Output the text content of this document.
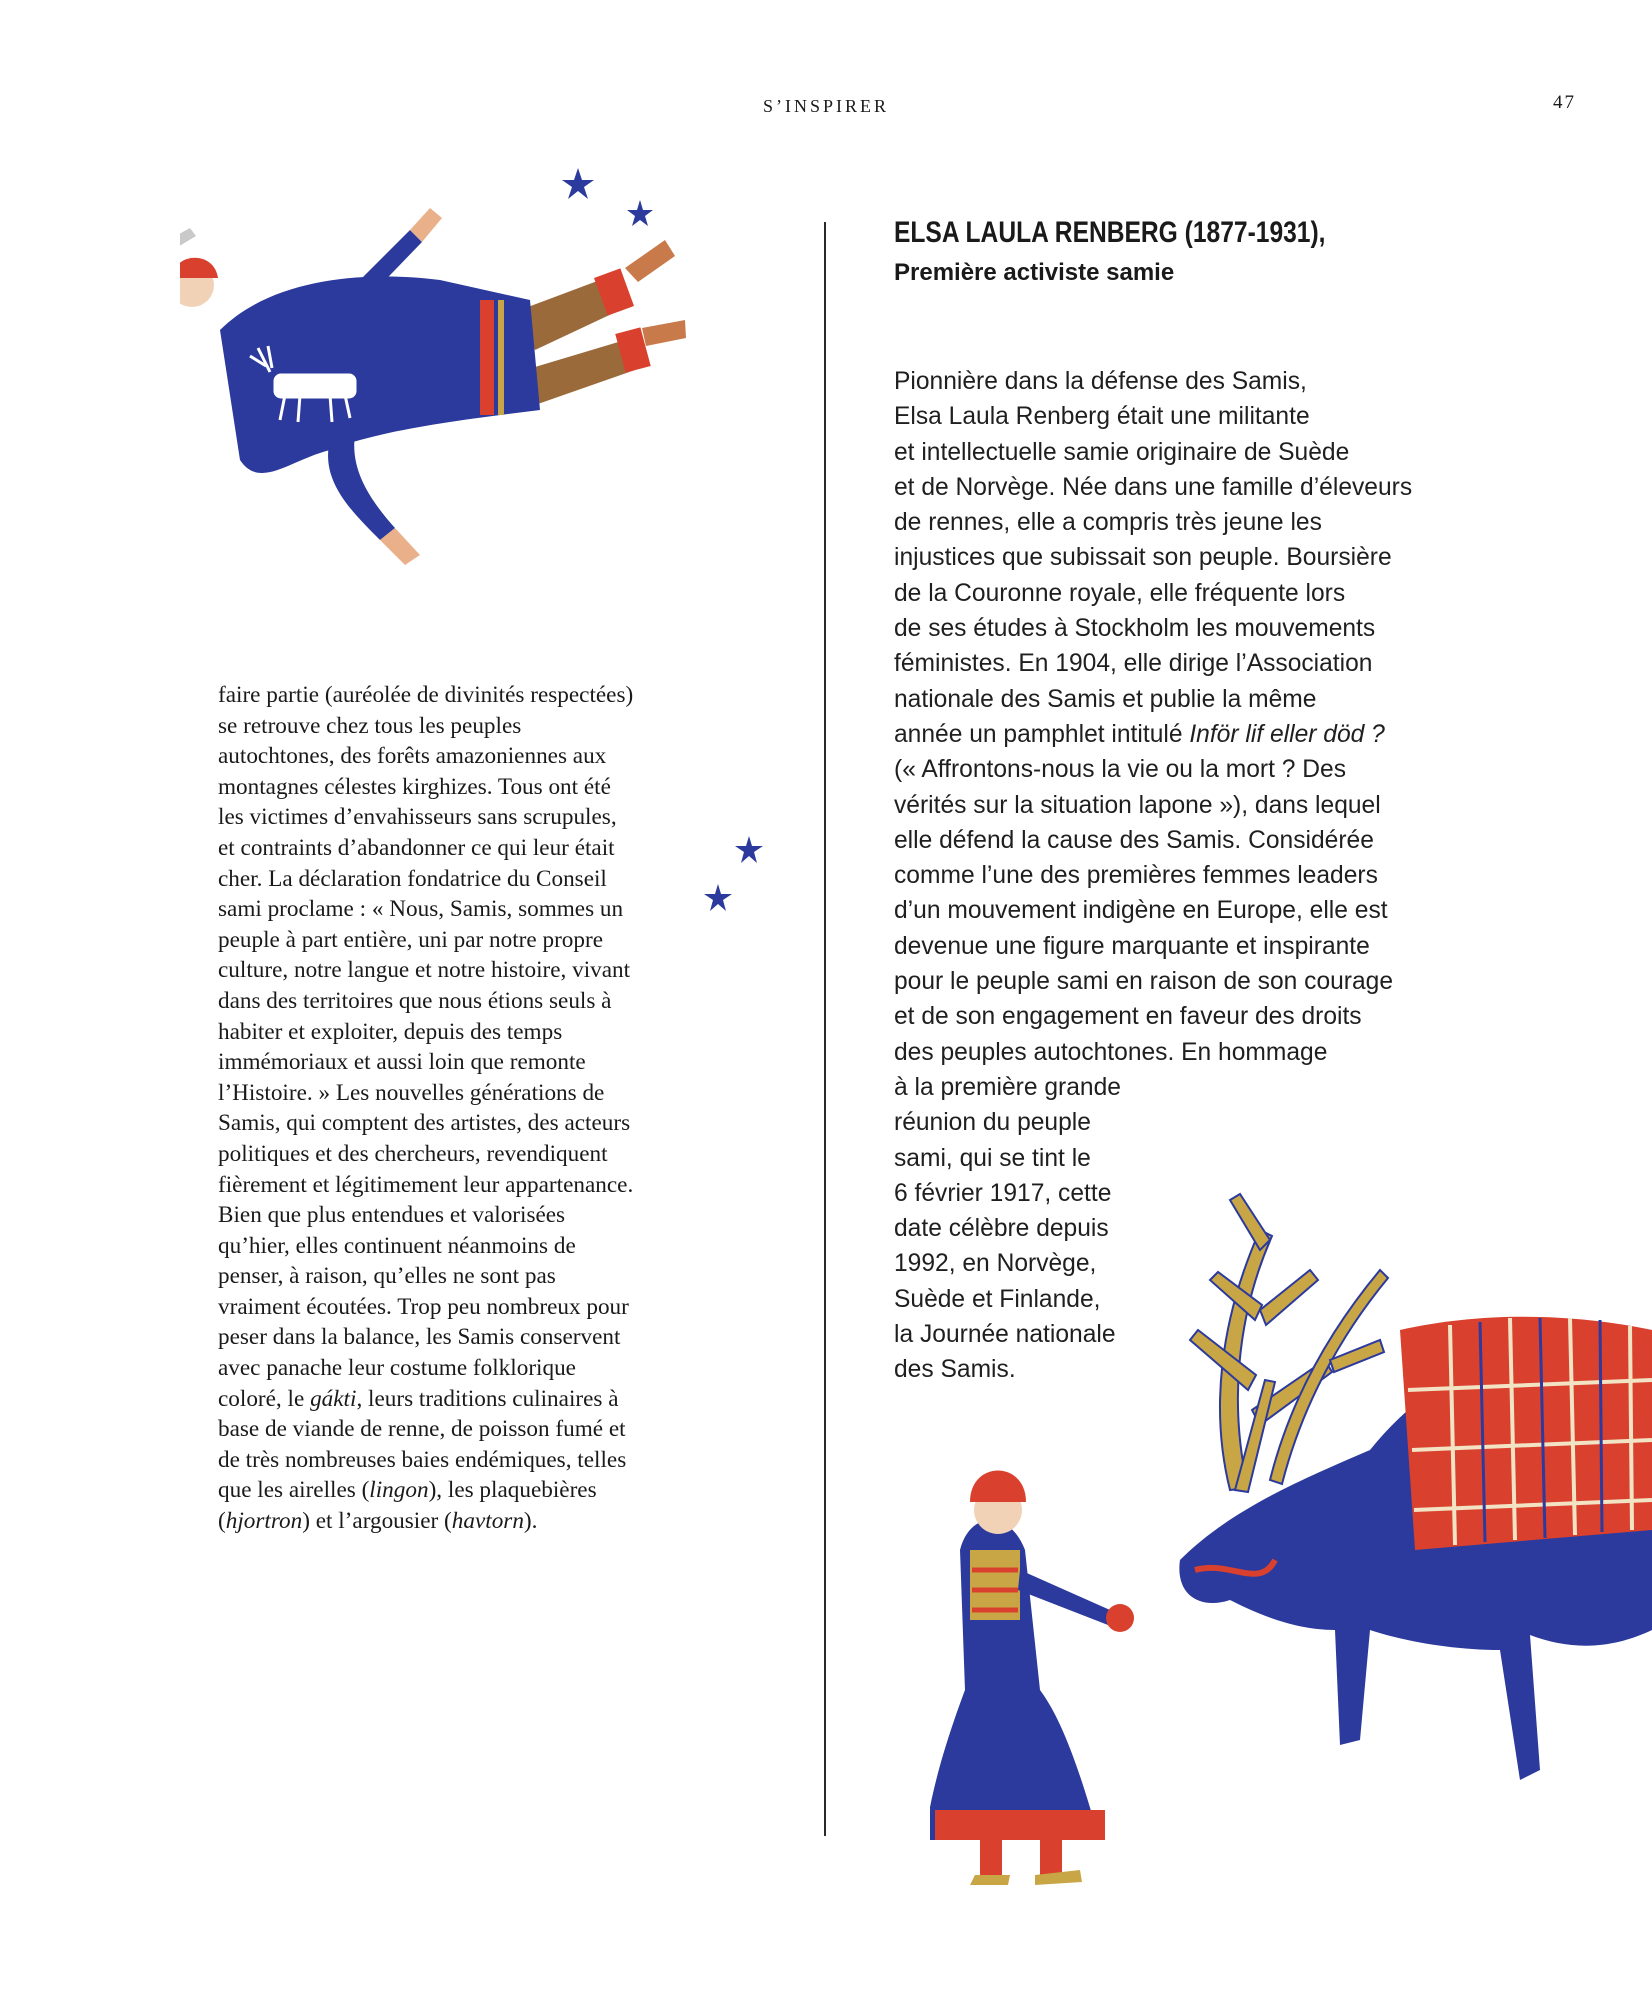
S’INSPIRER	47

faire partie (auréolée de divinités respectées) se retrouve chez tous les peuples autochtones, des forêts amazoniennes aux montagnes célestes kirghizes. Tous ont été les victimes d’envahisseurs sans scrupules, et contraints d’abandonner ce qui leur était cher. La déclaration fondatrice du Conseil sami proclame : « Nous, Samis, sommes un peuple à part entière, uni par notre propre culture, notre langue et notre histoire, vivant dans des territoires que nous étions seuls à habiter et exploiter, depuis des temps immémoriaux et aussi loin que remonte l’Histoire. » Les nouvelles générations de Samis, qui comptent des artistes, des acteurs politiques et des chercheurs, revendiquent fièrement et légitimement leur appartenance. Bien que plus entendues et valorisées qu’hier, elles continuent néanmoins de penser, à raison, qu’elles ne sont pas vraiment écoutées. Trop peu nombreux pour peser dans la balance, les Samis conservent avec panache leur costume folklorique coloré, le gákti, leurs traditions culinaires à base de viande de renne, de poisson fumé et de très nombreuses baies endémiques, telles que les airelles (lingon), les plaquebières (hjortron) et l’argousier (havtorn).

ELSA LAULA RENBERG (1877-1931),
Première activiste samie
Pionnière dans la défense des Samis,
Elsa Laula Renberg était une militante
et intellectuelle samie originaire de Suède
et de Norvège. Née dans une famille d’éleveurs
de rennes, elle a compris très jeune les
injustices que subissait son peuple. Boursière
de la Couronne royale, elle fréquente lors
de ses études à Stockholm les mouvements
féministes. En 1904, elle dirige l’Association
nationale des Samis et publie la même
année un pamphlet intitulé Inför lif eller död ?
(« Affrontons-nous la vie ou la mort ? Des
vérités sur la situation lapone »), dans lequel
elle défend la cause des Samis. Considérée
comme l’une des premières femmes leaders
d’un mouvement indigène en Europe, elle est
devenue une figure marquante et inspirante
pour le peuple sami en raison de son courage
et de son engagement en faveur des droits
des peuples autochtones. En hommage
à la première grande
réunion du peuple
sami, qui se tint le
6 février 1917, cette
date célèbre depuis
1992, en Norvège,
Suède et Finlande,
la Journée nationale
des Samis.
